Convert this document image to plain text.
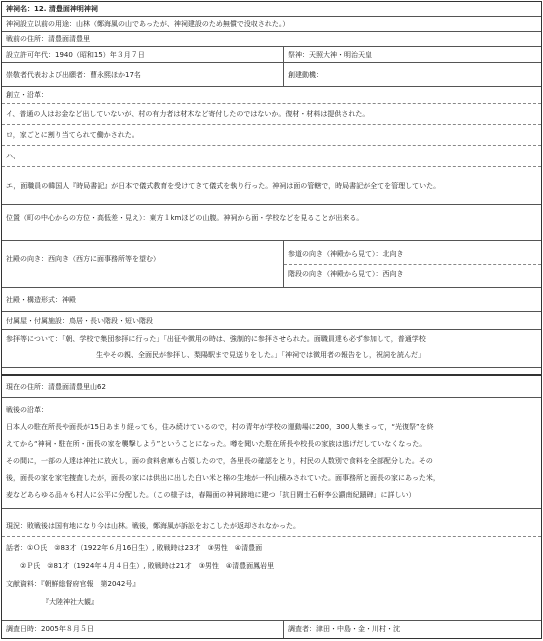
神祠名：12. 清豊面神明神祠
神祠設立以前の用途：山林（鄭海風の山であったが、神祠建設のため無償で没収された。）
戦前の住所：清豊面清豊里
設立許可年代：1940（昭和15）年３月７日	祭神：天照大神・明治天皇
崇敬者代表および出願者：曹永熙ほか17名	創建動機：
創立・沿革：
イ、普通の人はお金など出していないが、村の有力者は材木など寄付したのではないか。復材・材料は提供された。
ロ，家ごとに割り当てられて働かされた。
ハ、
エ，面職員の韓国人『時局書記』が日本で儀式教育を受けてきて儀式を執り行った。神祠は面の管轄で，時局書記が全てを管理していた。
位置（町の中心からの方位・高低差・見え）：東方１kmほどの山腹。神祠から面・学校などを見ることが出来る。
社殿の向き：西向き（西方に面事務所等を望む）
参道の向き（神殿から見て）：北向き
階段の向き（神殿から見て）：西向き
社殿・構造形式：神殿
付属屋・付属施設：鳥居・長い階段・短い階段
参拝等について：「朝、学校で集団参拝に行った」「出征や徴用の時は、強制的に参拝させられた。面職員達も必ず参加して，普通学校
生やその親、全面民が参拝し、梨陽駅まで見送りをした。」「神祠では徴用者の報告をし，祝詞を読んだ」
現在の住所：清豊面清豊里山62
戦後の沿革：
日本人の駐在所長や面長が15日あまり経っても，住み続けているので，村の青年が学校の運動場に200，300人集まって，“光復祭”を終
えてから“神祠・駐在所・面長の家を襲撃しよう”ということになった。噂を聞いた駐在所長や校長の家族は逃げだしていなくなった。
その間に，一部の人達は神社に放火し，面の食料倉庫も占領したので，各里長の確認をとり，村民の人数別で食料を全部配分した。その
後，面長の家を家宅捜査したが，面長の家には供出に出した白い米と棉の生地が一杯山積みされていた。面事務所と面長の家にあった米，
麦などあらゆる品々も村人に公平に分配した。（この様子は，春陽面の神祠跡地に建つ「抗日闘士石軒李公讃南紀蹟碑」に詳しい）
現況：敗戦後は国有地になり今は山林。戦後，鄭海風が訴訟をおこしたが返却されなかった。
話者：①Ｏ氏　②83才（1922年６月16日生）, 敗戦時は23才　③男性　④清豊面
②Ｐ氏　②81才（1924年４月４日生）, 敗戦時は21才　③男性　④清豊面鳳岩里
文献資料：『朝鮮総督府官報　第2042号』
『大陸神社大観』
調査日時：2005年８月５日	調査者：津田・中島・金・川村・沈
